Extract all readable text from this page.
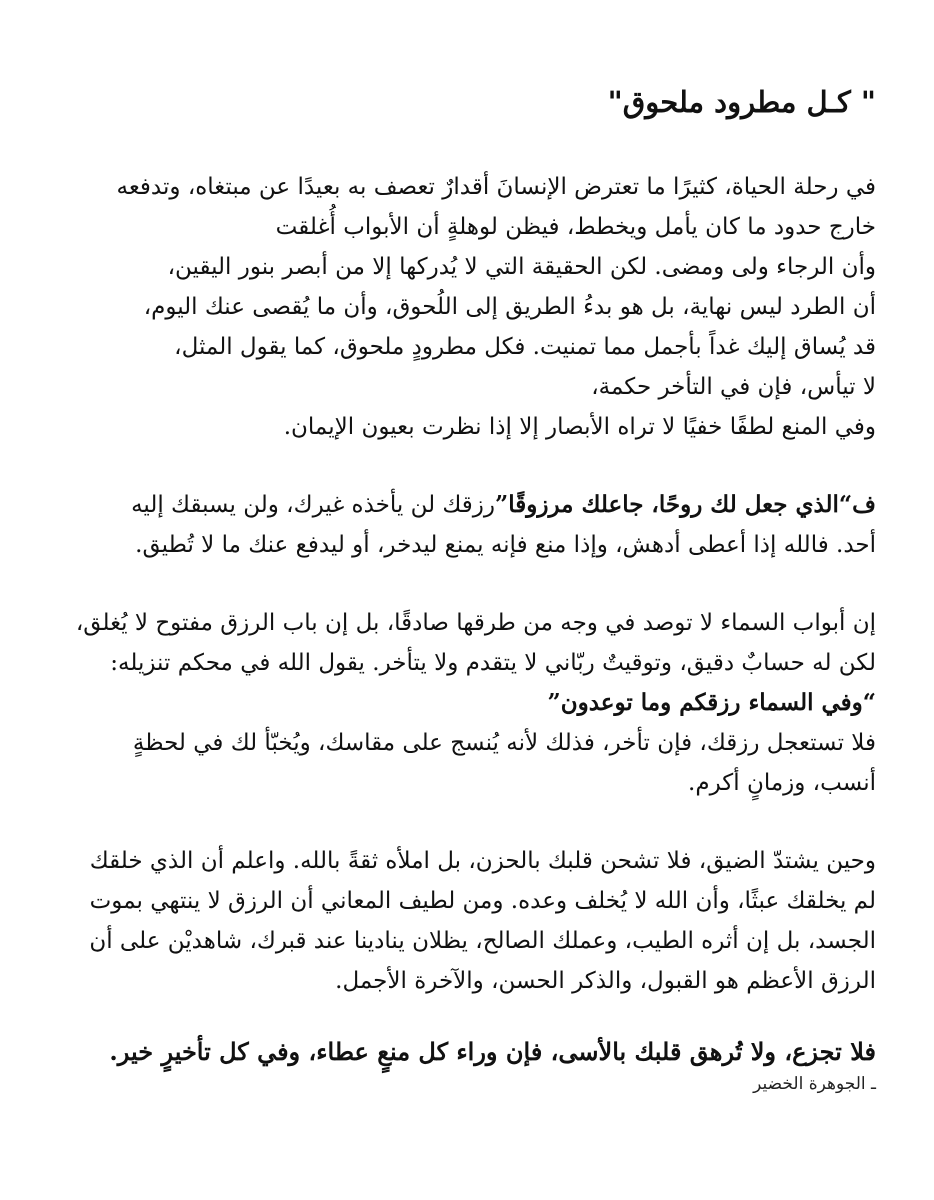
" كـل مطرود ملحوق"
في رحلة الحياة، كثيرًا ما تعترض الإنسانَ أقدارٌ تعصف به بعيدًا عن مبتغاه، وتدفعه
خارج حدود ما كان يأمل ويخطط، فيظن لوهلةٍ أن الأبواب أُغلقت
وأن الرجاء ولى ومضى. لكن الحقيقة التي لا يُدركها إلا من أبصر بنور اليقين،
أن الطرد ليس نهاية، بل هو بدءُ الطريق إلى اللُحوق، وأن ما يُقصى عنك اليوم،
قد يُساق إليك غداً بأجمل مما تمنيت. فكل مطرودٍ ملحوق، كما يقول المثل،
لا تيأس، فإن في التأخر حكمة،
وفي المنع لطفًا خفيًا لا تراه الأبصار إلا إذا نظرت بعيون الإيمان.
ف“الذي جعل لك روحًا، جاعلك مرزوقًا”رزقك لن يأخذه غيرك، ولن يسبقك إليه
أحد. فالله إذا أعطى أدهش، وإذا منع فإنه يمنع ليدخر، أو ليدفع عنك ما لا تُطيق.
إن أبواب السماء لا توصد في وجه من طرقها صادقًا، بل إن باب الرزق مفتوح لا يُغلق،
لكن له حسابٌ دقيق، وتوقيتٌ ربّاني لا يتقدم ولا يتأخر. يقول الله في محكم تنزيله:
“وفي السماء رزقكم وما توعدون”
فلا تستعجل رزقك، فإن تأخر، فذلك لأنه يُنسج على مقاسك، ويُخبّأ لك في لحظةٍ
أنسب، وزمانٍ أكرم.
وحين يشتدّ الضيق، فلا تشحن قلبك بالحزن، بل املأه ثقةً بالله. واعلم أن الذي خلقك
لم يخلقك عبثًا، وأن الله لا يُخلف وعده. ومن لطيف المعاني أن الرزق لا ينتهي بموت
الجسد، بل إن أثره الطيب، وعملك الصالح، يظلان ينادينا عند قبرك، شاهديْن على أن
الرزق الأعظم هو القبول، والذكر الحسن، والآخرة الأجمل.
فلا تجزع، ولا تُرهق قلبك بالأسى، فإن وراء كل منعٍ عطاء، وفي كل تأخيرٍ خير.
ـ الجوهرة الخضير
